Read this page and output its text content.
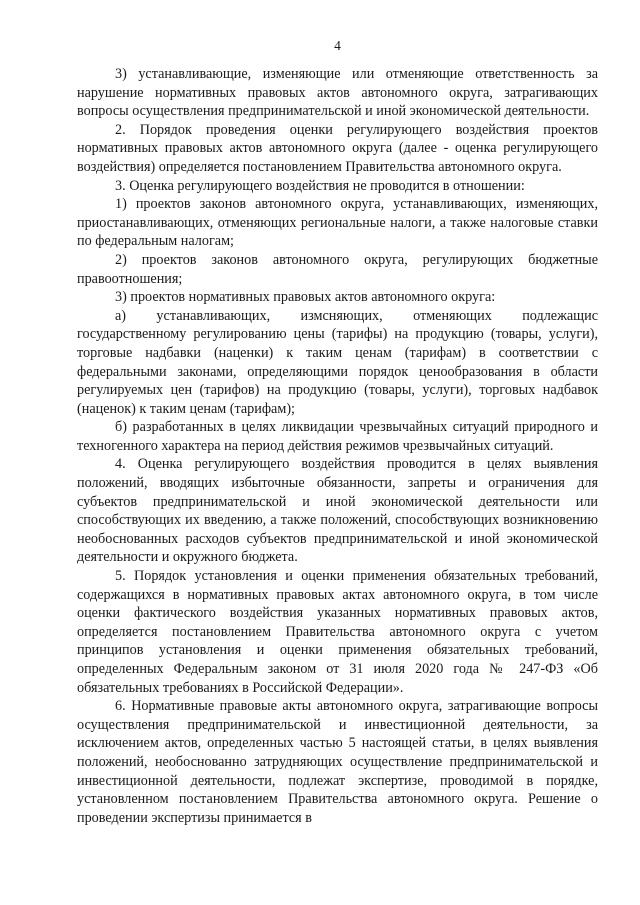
4

3) устанавливающие, изменяющие или отменяющие ответственность за нарушение нормативных правовых актов автономного округа, затрагивающих вопросы осуществления предпринимательской и иной экономической деятельности.

2. Порядок проведения оценки регулирующего воздействия проектов нормативных правовых актов автономного округа (далее - оценка регулирующего воздействия) определяется постановлением Правительства автономного округа.

3. Оценка регулирующего воздействия не проводится в отношении:

1) проектов законов автономного округа, устанавливающих, изменяющих, приостанавливающих, отменяющих региональные налоги, а также налоговые ставки по федеральным налогам;

2) проектов законов автономного округа, регулирующих бюджетные правоотношения;

3) проектов нормативных правовых актов автономного округа:

а) устанавливающих, измсняющих, отменяющих подлежащис государственному регулированию цены (тарифы) на продукцию (товары, услуги), торговые надбавки (наценки) к таким ценам (тарифам) в соответствии с федеральными законами, определяющими порядок ценообразования в области регулируемых цен (тарифов) на продукцию (товары, услуги), торговых надбавок (наценок) к таким ценам (тарифам);

б) разработанных в целях ликвидации чрезвычайных ситуаций природного и техногенного характера на период действия режимов чрезвычайных ситуаций.

4. Оценка регулирующего воздействия проводится в целях выявления положений, вводящих избыточные обязанности, запреты и ограничения для субъектов предпринимательской и иной экономической деятельности или способствующих их введению, а также положений, способствующих возникновению необоснованных расходов субъектов предпринимательской и иной экономической деятельности и окружного бюджета.

5. Порядок установления и оценки применения обязательных требований, содержащихся в нормативных правовых актах автономного округа, в том числе оценки фактического воздействия указанных нормативных правовых актов, определяется постановлением Правительства автономного округа с учетом принципов установления и оценки применения обязательных требований, определенных Федеральным законом от 31 июля 2020 года № 247-ФЗ «Об обязательных требованиях в Российской Федерации».

6. Нормативные правовые акты автономного округа, затрагивающие вопросы осуществления предпринимательской и инвестиционной деятельности, за исключением актов, определенных частью 5 настоящей статьи, в целях выявления положений, необоснованно затрудняющих осуществление предпринимательской и инвестиционной деятельности, подлежат экспертизе, проводимой в порядке, установленном постановлением Правительства автономного округа. Решение о проведении экспертизы принимается в
